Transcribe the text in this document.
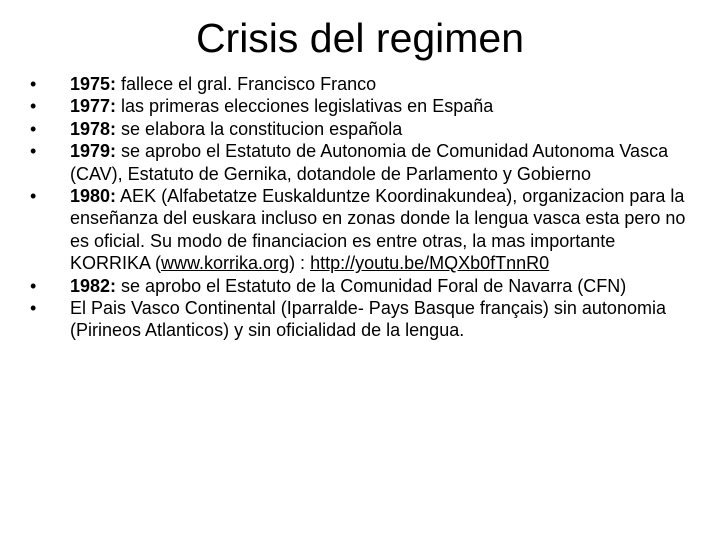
Crisis del regimen
• 1975: fallece el gral. Francisco Franco
• 1977: las primeras elecciones legislativas en España
• 1978: se elabora la constitucion española
• 1979: se aprobo el Estatuto de Autonomia de Comunidad Autonoma Vasca (CAV), Estatuto de Gernika, dotandole de Parlamento y Gobierno
• 1980: AEK (Alfabetatze Euskalduntze Koordinakundea), organizacion para la enseñanza del euskara incluso en zonas donde la lengua vasca esta pero no es oficial. Su modo de financiacion es entre otras, la mas importante KORRIKA (www.korrika.org) : http://youtu.be/MQXb0fTnnR0
• 1982: se aprobo el Estatuto de la Comunidad Foral de Navarra (CFN)
• El Pais Vasco Continental (Iparralde- Pays Basque français) sin autonomia (Pirineos Atlanticos) y sin oficialidad de la lengua.
